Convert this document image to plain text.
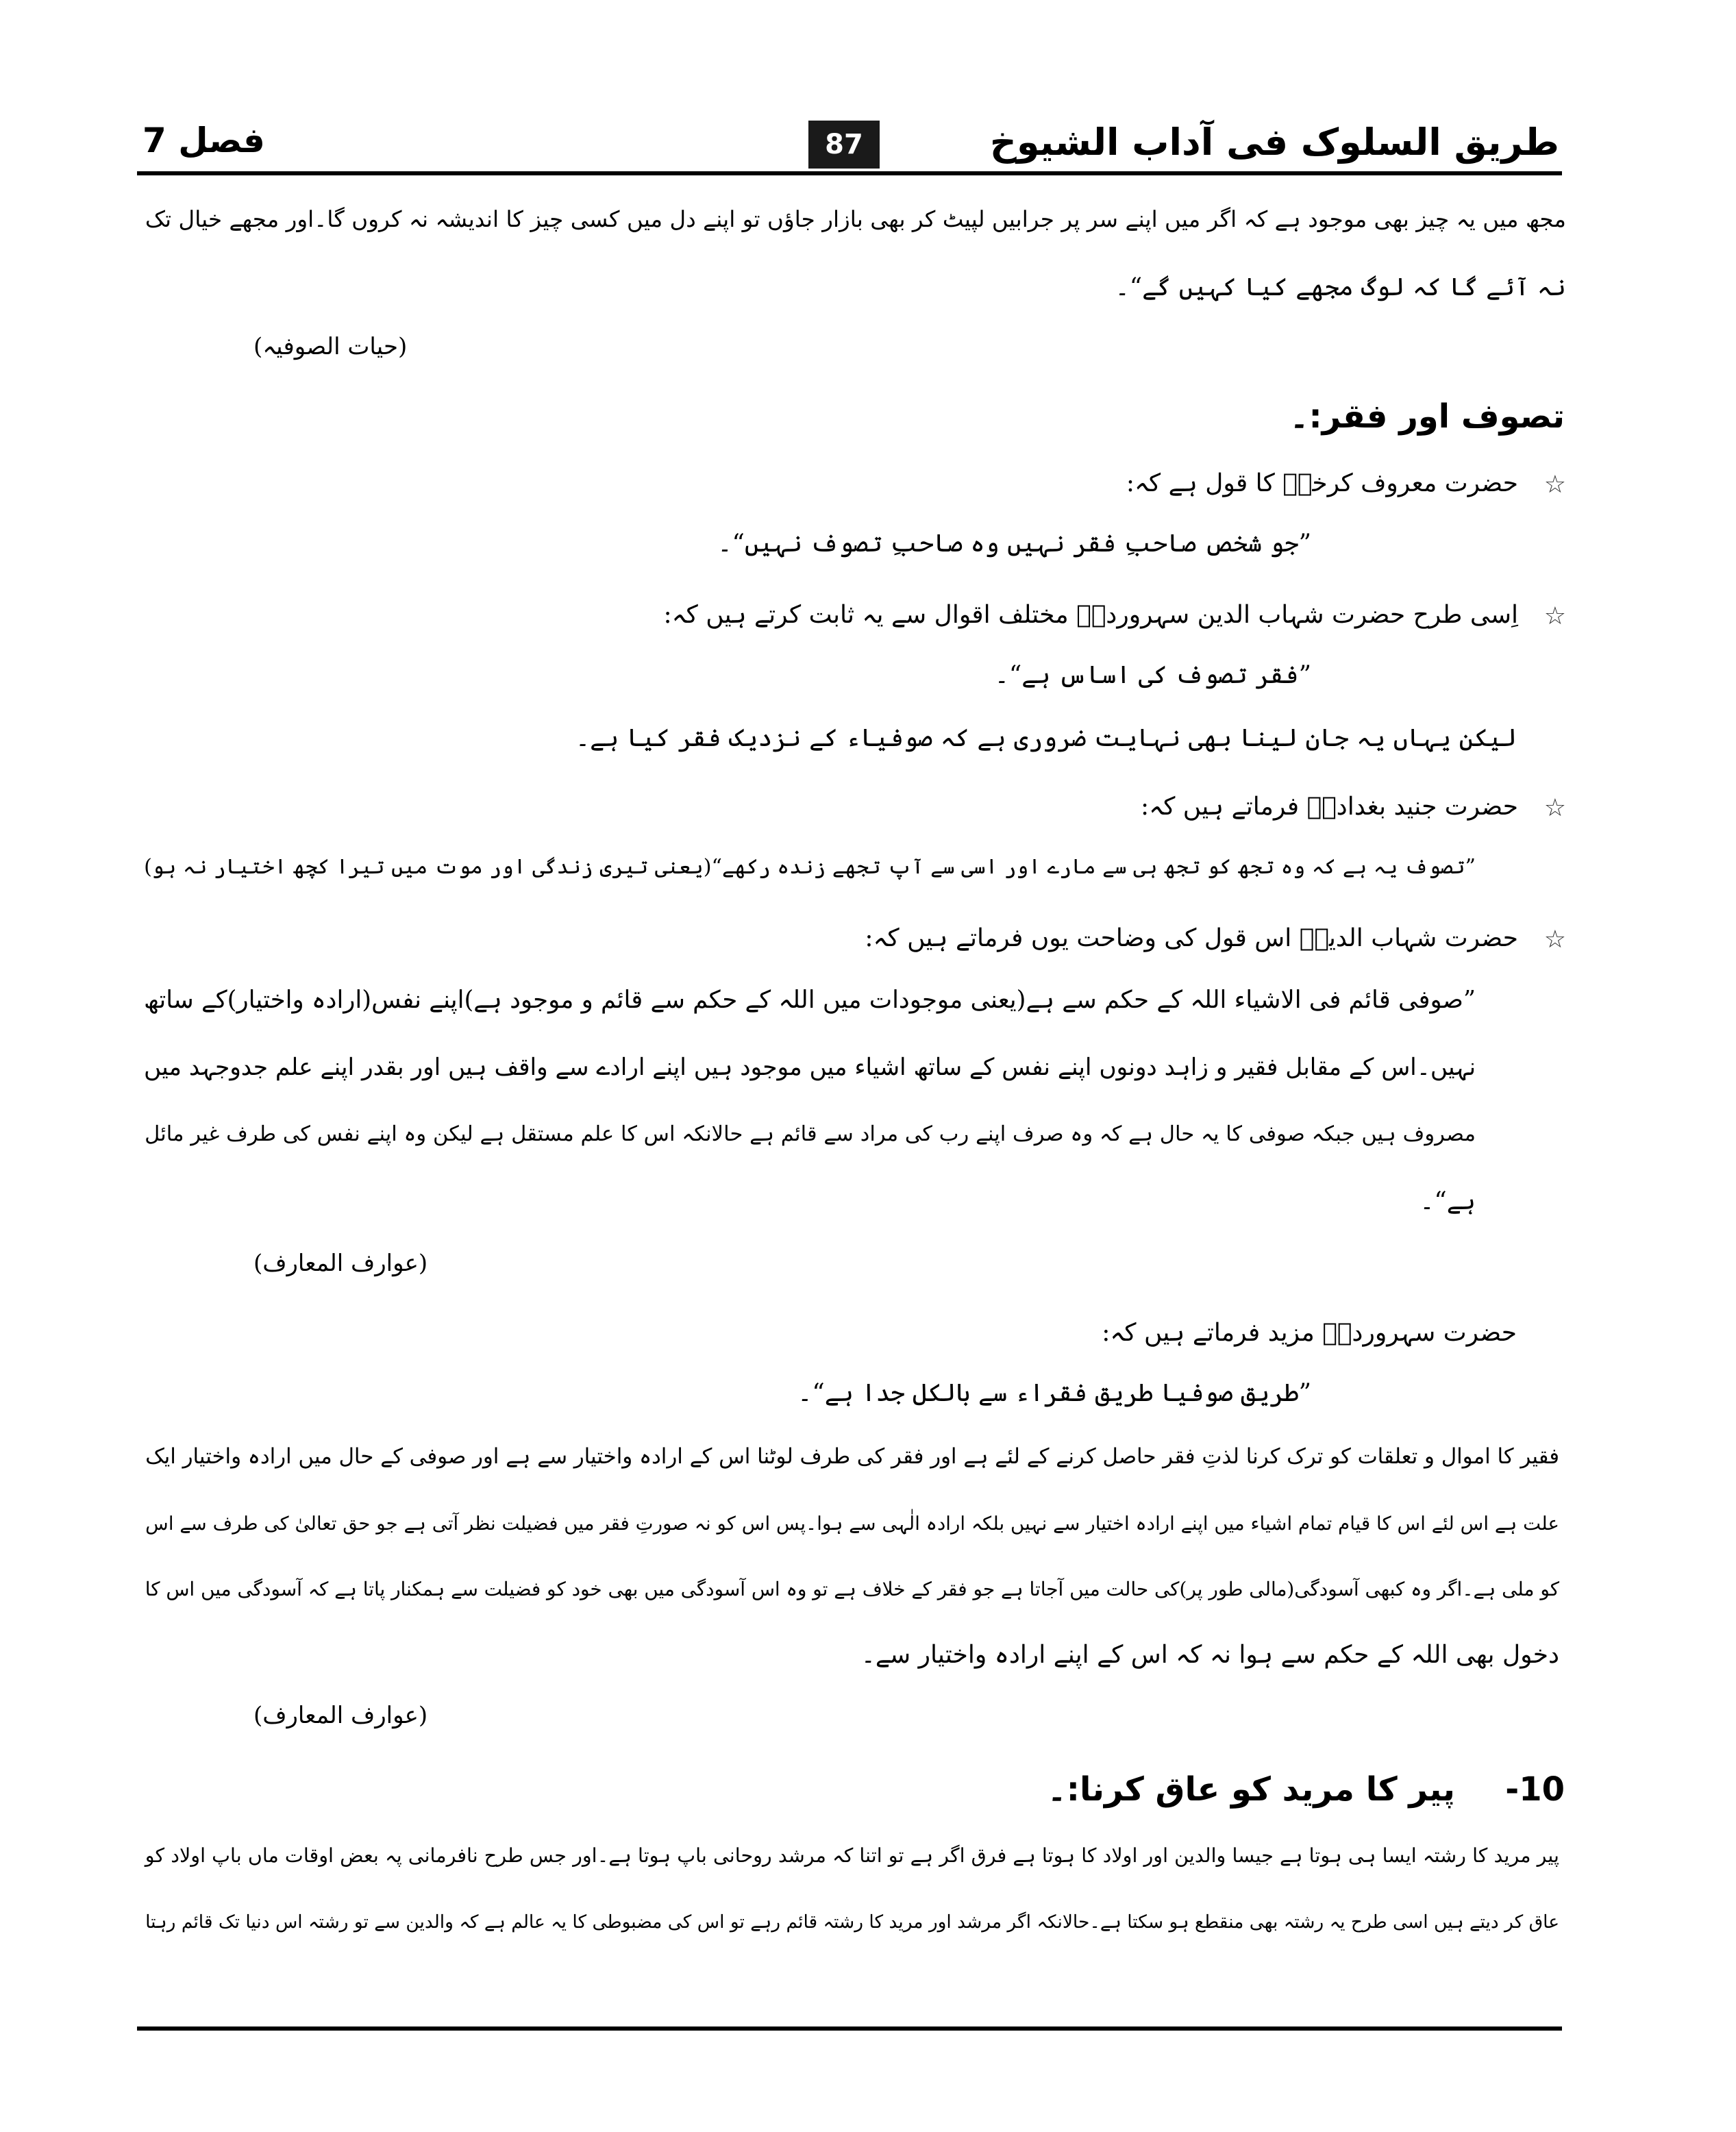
طریق السلوک فی آداب الشیوخ
87
فصل 7
مجھ میں یہ چیز بھی موجود ہے کہ اگر میں اپنے سر پر جرابیں لپیٹ کر بھی بازار جاؤں تو اپنے دل میں کسی چیز کا اندیشہ نہ کروں گا۔اور مجھے خیال تک
نہ آئے گا کہ لوگ مجھے کیا کہیں گے“۔
(حیات الصوفیہ)
تصوف اور فقر:۔
☆
حضرت معروف کرخیؒ کا قول ہے کہ:
”جو شخص صاحبِ فقر نہیں وہ صاحبِ تصوف نہیں“۔
☆
اِسی طرح حضرت شہاب الدین سہروردیؒ مختلف اقوال سے یہ ثابت کرتے ہیں کہ:
”فقر تصوف کی اساس ہے“۔
لیکن یہاں یہ جان لینا بھی نہایت ضروری ہے کہ صوفیاء کے نزدیک فقر کیا ہے۔
☆
حضرت جنید بغدادیؒ فرماتے ہیں کہ:
”تصوف یہ ہے کہ وہ تجھ کو تجھ ہی سے مارے اور اسی سے آپ تجھے زندہ رکھے“(یعنی تیری زندگی اور موت میں تیرا کچھ اختیار نہ ہو)
☆
حضرت شہاب الدینؒ اس قول کی وضاحت یوں فرماتے ہیں کہ:
”صوفی قائم فی الاشیاء اللہ کے حکم سے ہے(یعنی موجودات میں اللہ کے حکم سے قائم و موجود ہے)اپنے نفس(ارادہ واختیار)کے ساتھ
نہیں۔اس کے مقابل فقیر و زاہد دونوں اپنے نفس کے ساتھ اشیاء میں موجود ہیں اپنے ارادے سے واقف ہیں اور بقدر اپنے علم جدوجہد میں
مصروف ہیں جبکہ صوفی کا یہ حال ہے کہ وہ صرف اپنے رب کی مراد سے قائم ہے حالانکہ اس کا علم مستقل ہے لیکن وہ اپنے نفس کی طرف غیر مائل
ہے“۔
(عوارف المعارف)
حضرت سہروردیؒ مزید فرماتے ہیں کہ:
”طریق صوفیا طریق فقراء سے بالکل جدا ہے“۔
فقیر کا اموال و تعلقات کو ترک کرنا لذتِ فقر حاصل کرنے کے لئے ہے اور فقر کی طرف لوٹنا اس کے ارادہ واختیار سے ہے اور صوفی کے حال میں ارادہ واختیار ایک
علت ہے اس لئے اس کا قیام تمام اشیاء میں اپنے ارادہ اختیار سے نہیں بلکہ ارادہ الٰہی سے ہوا۔پس اس کو نہ صورتِ فقر میں فضیلت نظر آتی ہے جو حق تعالیٰ کی طرف سے اس
کو ملی ہے۔اگر وہ کبھی آسودگی(مالی طور پر)کی حالت میں آجاتا ہے جو فقر کے خلاف ہے تو وہ اس آسودگی میں بھی خود کو فضیلت سے ہمکنار پاتا ہے کہ آسودگی میں اس کا
دخول بھی اللہ کے حکم سے ہوا نہ کہ اس کے اپنے ارادہ واختیار سے۔
(عوارف المعارف)
10-  پیر کا مرید کو عاق کرنا:۔
پیر مرید کا رشتہ ایسا ہی ہوتا ہے جیسا والدین اور اولاد کا ہوتا ہے فرق اگر ہے تو اتنا کہ مرشد روحانی باپ ہوتا ہے۔اور جس طرح نافرمانی پہ بعض اوقات ماں باپ اولاد کو
عاق کر دیتے ہیں اسی طرح یہ رشتہ بھی منقطع ہو سکتا ہے۔حالانکہ اگر مرشد اور مرید کا رشتہ قائم رہے تو اس کی مضبوطی کا یہ عالم ہے کہ والدین سے تو رشتہ اس دنیا تک قائم رہتا
